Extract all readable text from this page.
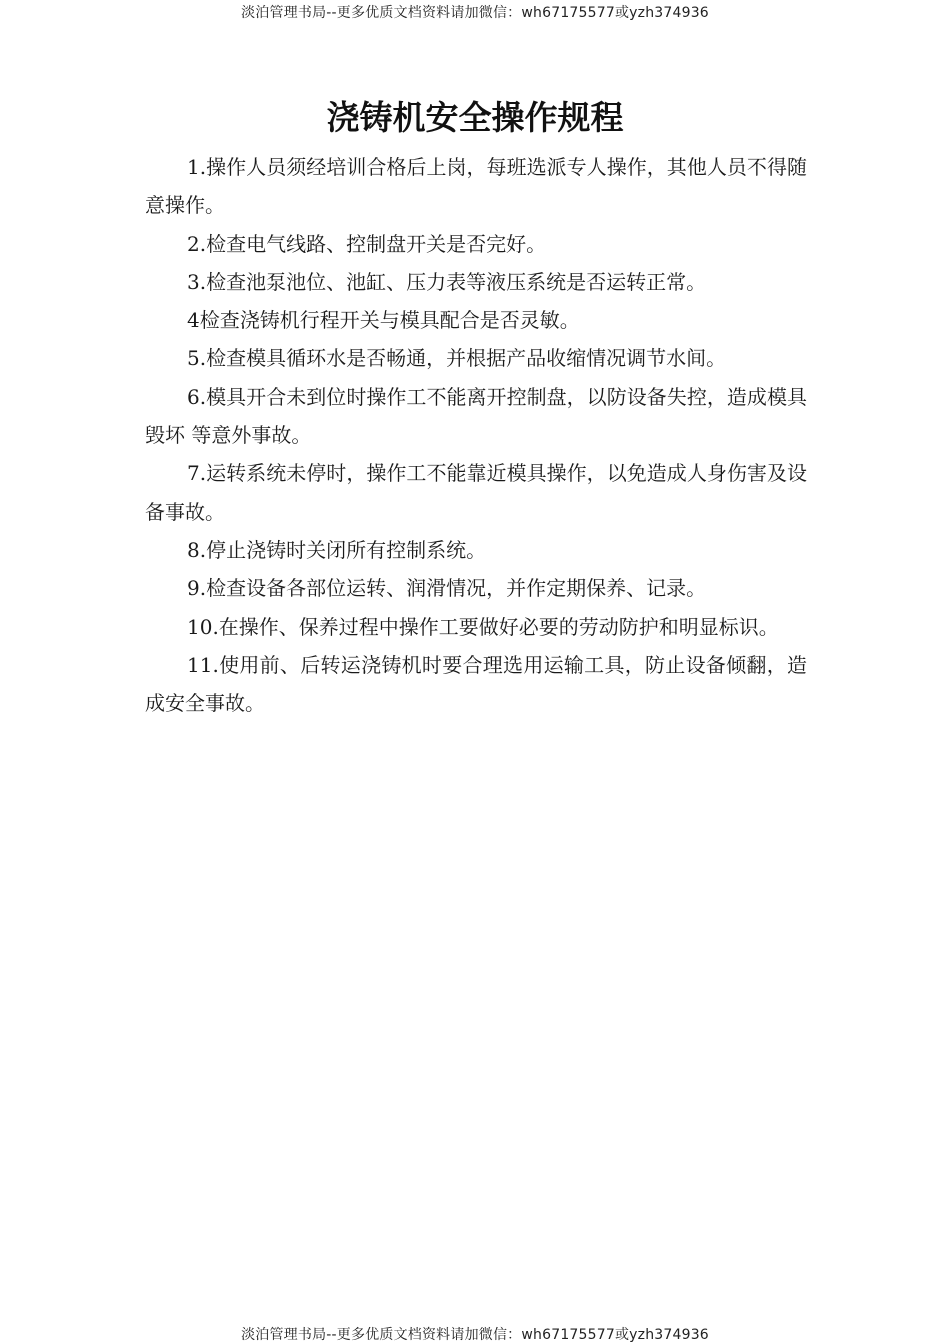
淡泊管理书局--更多优质文档资料请加微信：wh67175577或yzh374936
浇铸机安全操作规程

1.操作人员须经培训合格后上岗，每班选派专人操作，其他人员不得随意操作。

2.检查电气线路、控制盘开关是否完好。

3.检查池泵池位、池缸、压力表等液压系统是否运转正常。

4检查浇铸机行程开关与模具配合是否灵敏。

5.检查模具循环水是否畅通，并根据产品收缩情况调节水间。

6.模具开合未到位时操作工不能离开控制盘，以防设备失控，造成模具毁坏 等意外事故。

7.运转系统未停时，操作工不能靠近模具操作，以免造成人身伤害及设备事故。

8.停止浇铸时关闭所有控制系统。

9.检查设备各部位运转、润滑情况，并作定期保养、记录。

10.在操作、保养过程中操作工要做好必要的劳动防护和明显标识。

11.使用前、后转运浇铸机时要合理选用运输工具，防止设备倾翻，造成安全事故。

淡泊管理书局--更多优质文档资料请加微信：wh67175577或yzh374936
